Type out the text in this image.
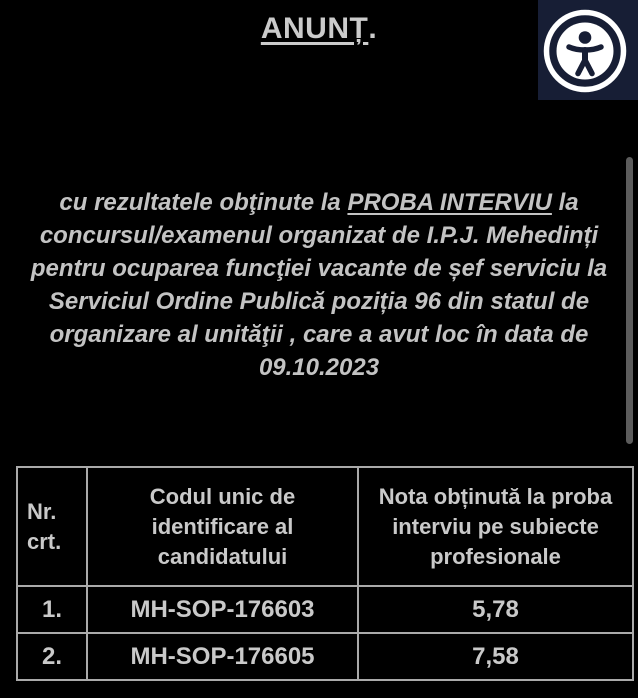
ANUNȚ.
cu rezultatele obţinute la PROBA INTERVIU la
concursul/examenul organizat de I.P.J. Mehedinți
pentru ocuparea funcţiei vacante de șef serviciu la
Serviciul Ordine Publică poziția 96 din statul de
organizare al unităţii , care a avut loc în data de
09.10.2023
Nr. crt.	Codul unic de identificare al candidatului	Nota obținută la proba interviu pe subiecte profesionale
1.	MH-SOP-176603	5,78
2.	MH-SOP-176605	7,58
